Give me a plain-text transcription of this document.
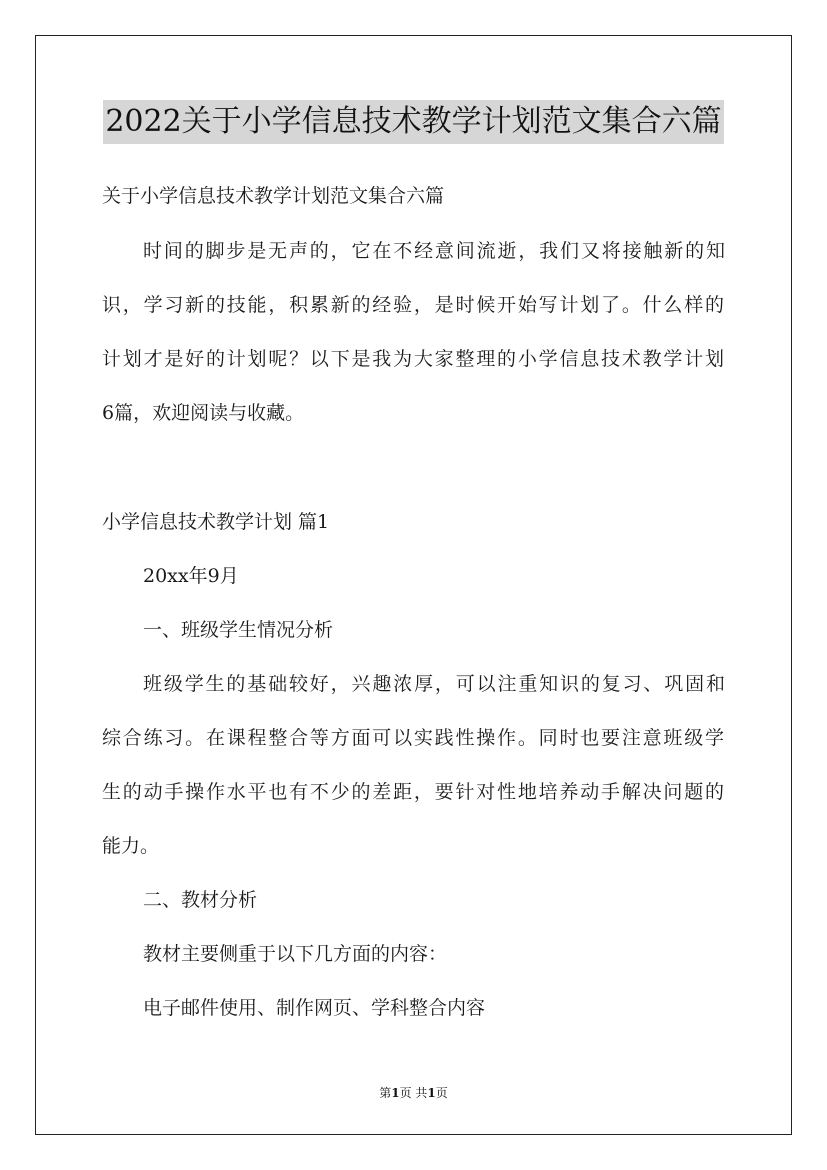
2022关于小学信息技术教学计划范文集合六篇
关于小学信息技术教学计划范文集合六篇
时间的脚步是无声的，它在不经意间流逝，我们又将接触新的知
识，学习新的技能，积累新的经验，是时候开始写计划了。什么样的
计划才是好的计划呢？以下是我为大家整理的小学信息技术教学计划
6篇，欢迎阅读与收藏。
小学信息技术教学计划 篇1
20xx年9月
一、班级学生情况分析
班级学生的基础较好，兴趣浓厚，可以注重知识的复习、巩固和
综合练习。在课程整合等方面可以实践性操作。同时也要注意班级学
生的动手操作水平也有不少的差距，要针对性地培养动手解决问题的
能力。
二、教材分析
教材主要侧重于以下几方面的内容：
电子邮件使用、制作网页、学科整合内容
第1页 共1页
